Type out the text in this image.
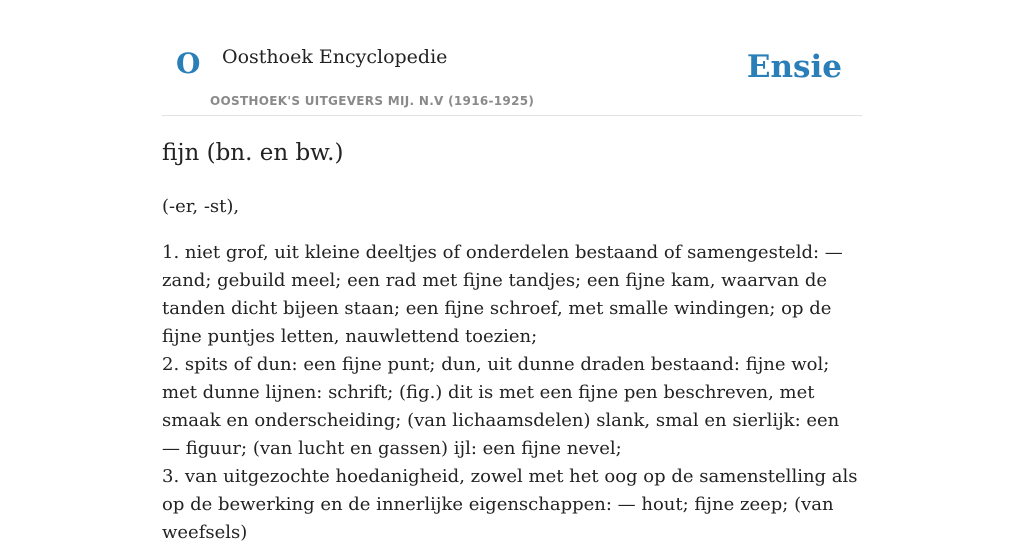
O Oosthoek Encyclopedie	Ensie
OOSTHOEK'S UITGEVERS MIJ. N.V (1916-1925)
fijn (bn. en bw.)

(-er, -st),

1. niet grof, uit kleine deeltjes of onderdelen bestaand of samengesteld: — zand; gebuild meel; een rad met fijne tandjes; een fijne kam, waarvan de tanden dicht bijeen staan; een fijne schroef, met smalle windingen; op de fijne puntjes letten, nauwlettend toezien;

2. spits of dun: een fijne punt; dun, uit dunne draden bestaand: fijne wol; met dunne lijnen: schrift; (fig.) dit is met een fijne pen beschreven, met smaak en onderscheiding; (van lichaamsdelen) slank, smal en sierlijk: een — figuur; (van lucht en gassen) ijl: een fijne nevel;

3. van uitgezochte hoedanigheid, zowel met het oog op de samenstelling als op de bewerking en de innerlijke eigenschappen: — hout; fijne zeep; (van weefsels)
